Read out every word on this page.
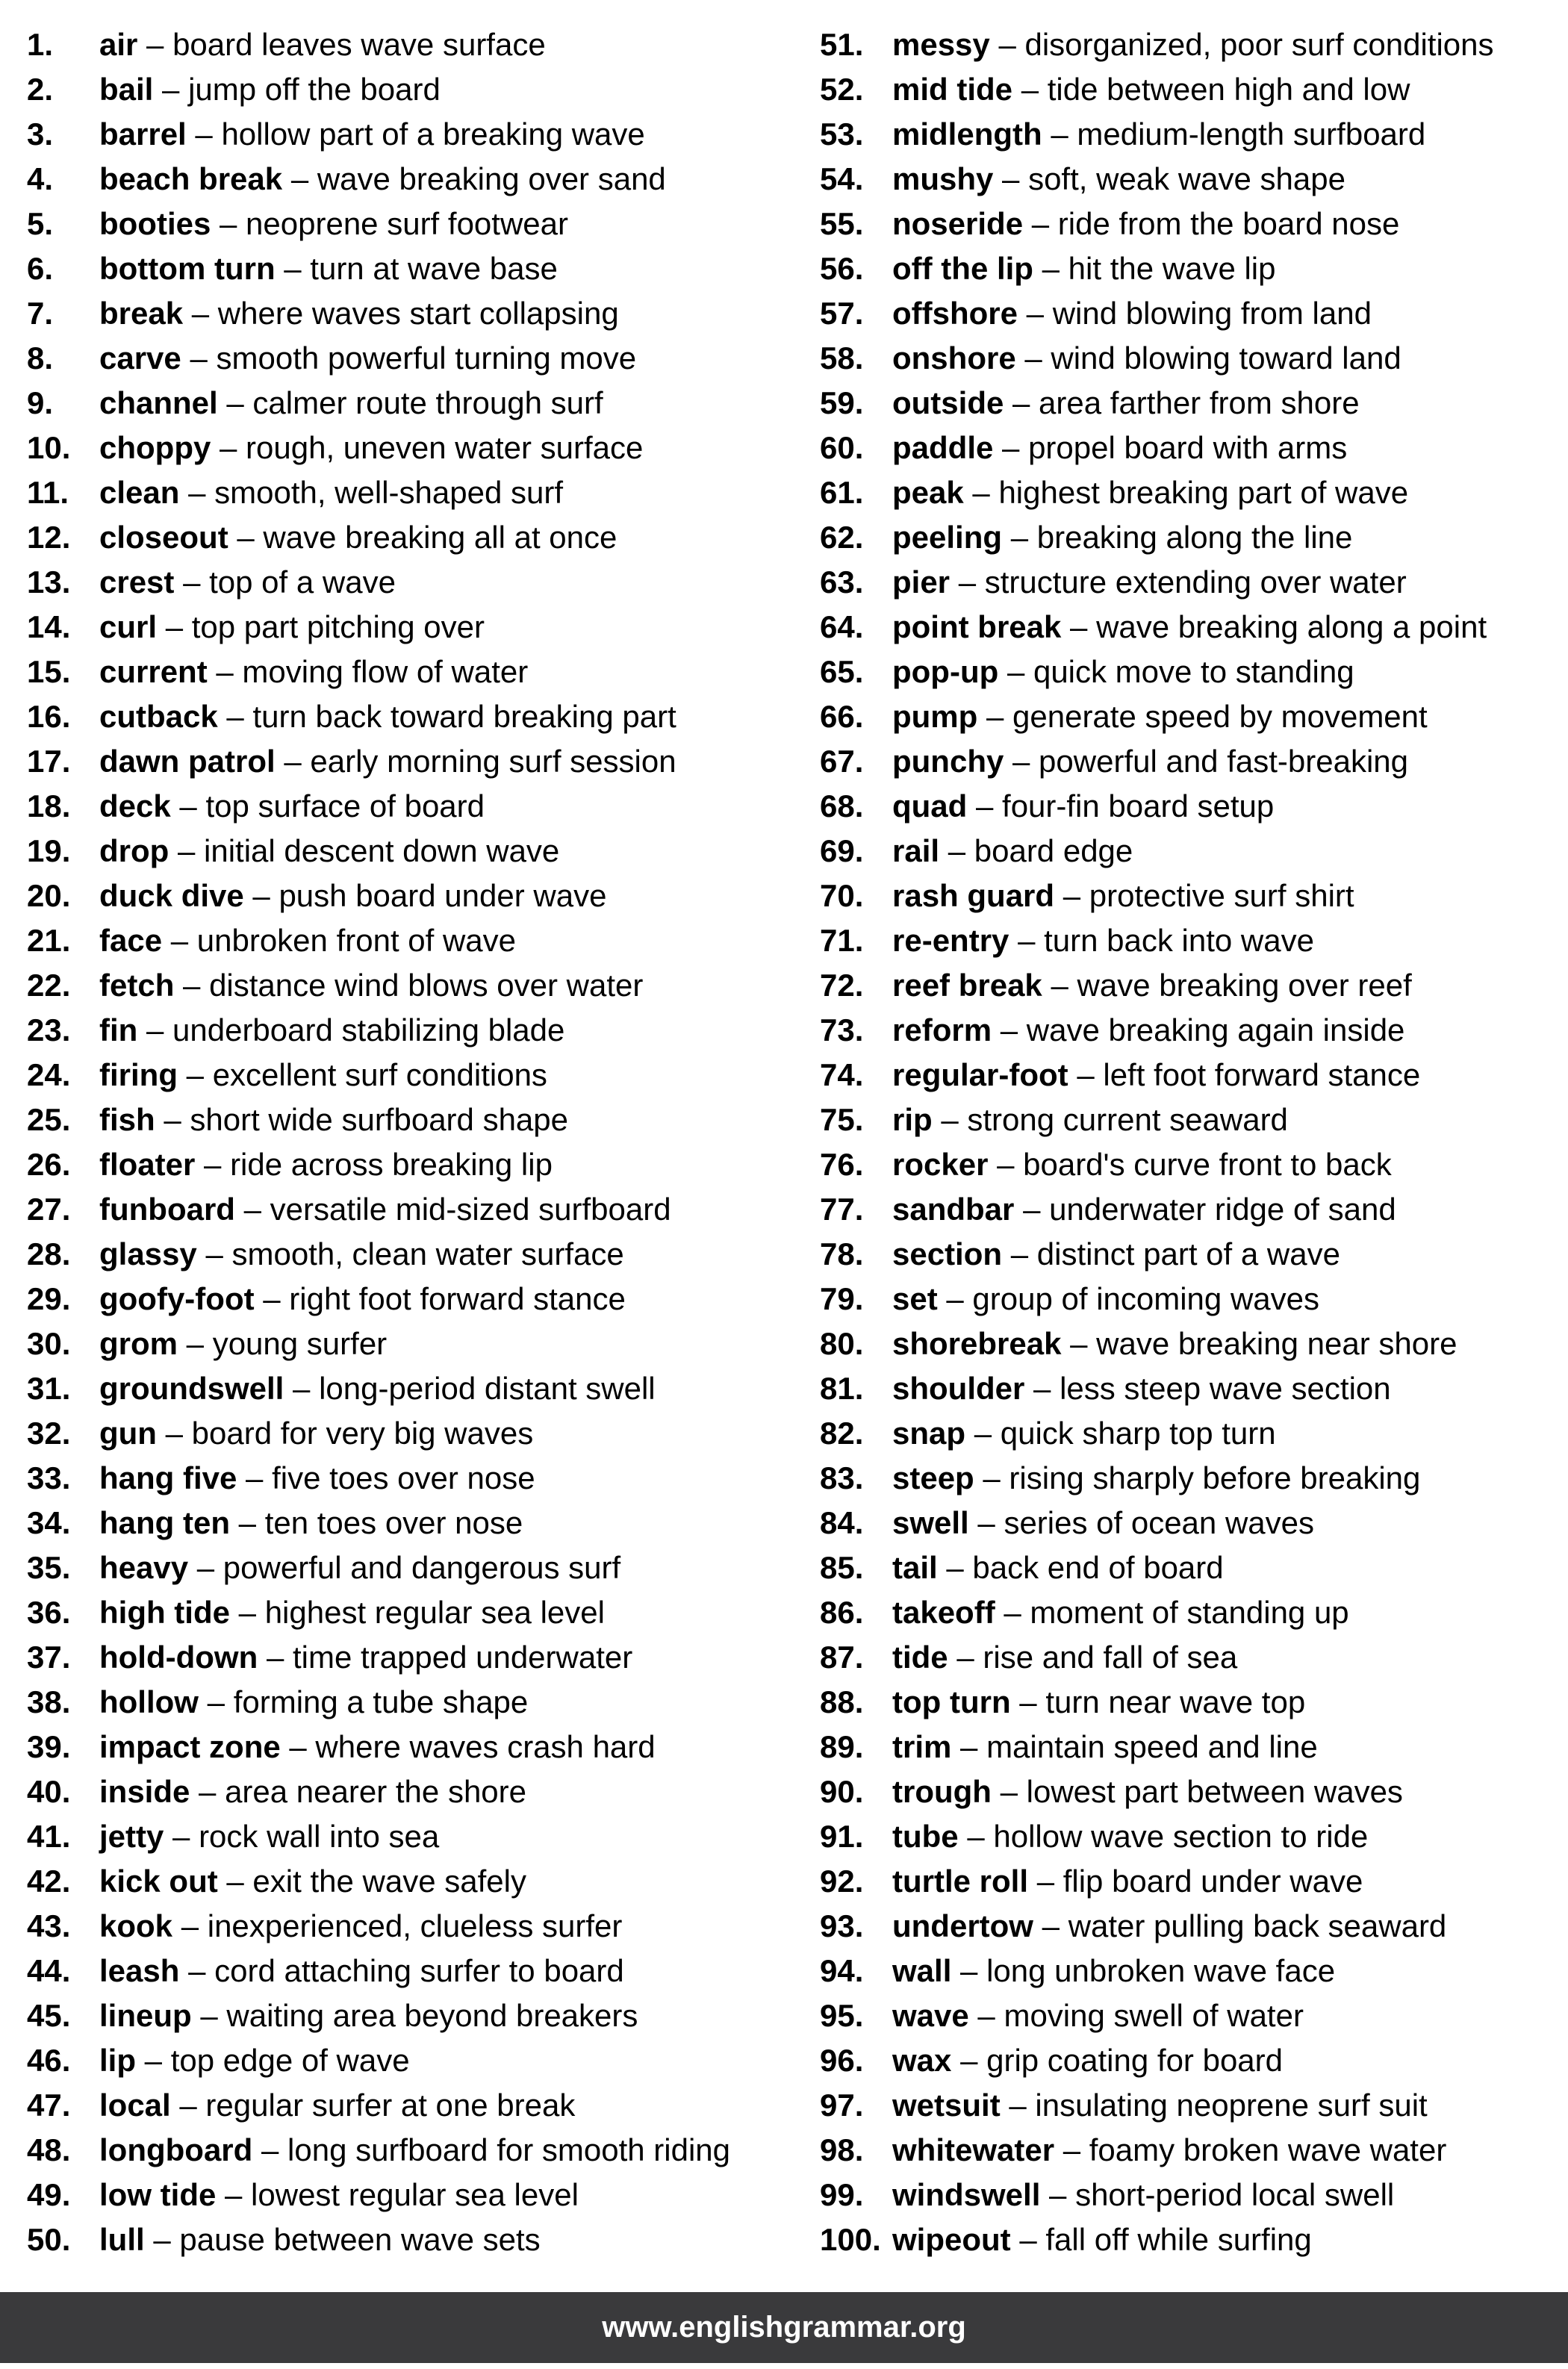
1. air – board leaves wave surface
2. bail – jump off the board
3. barrel – hollow part of a breaking wave
4. beach break – wave breaking over sand
5. booties – neoprene surf footwear
6. bottom turn – turn at wave base
7. break – where waves start collapsing
8. carve – smooth powerful turning move
9. channel – calmer route through surf
10. choppy – rough, uneven water surface
11. clean – smooth, well-shaped surf
12. closeout – wave breaking all at once
13. crest – top of a wave
14. curl – top part pitching over
15. current – moving flow of water
16. cutback – turn back toward breaking part
17. dawn patrol – early morning surf session
18. deck – top surface of board
19. drop – initial descent down wave
20. duck dive – push board under wave
21. face – unbroken front of wave
22. fetch – distance wind blows over water
23. fin – underboard stabilizing blade
24. firing – excellent surf conditions
25. fish – short wide surfboard shape
26. floater – ride across breaking lip
27. funboard – versatile mid-sized surfboard
28. glassy – smooth, clean water surface
29. goofy-foot – right foot forward stance
30. grom – young surfer
31. groundswell – long-period distant swell
32. gun – board for very big waves
33. hang five – five toes over nose
34. hang ten – ten toes over nose
35. heavy – powerful and dangerous surf
36. high tide – highest regular sea level
37. hold-down – time trapped underwater
38. hollow – forming a tube shape
39. impact zone – where waves crash hard
40. inside – area nearer the shore
41. jetty – rock wall into sea
42. kick out – exit the wave safely
43. kook – inexperienced, clueless surfer
44. leash – cord attaching surfer to board
45. lineup – waiting area beyond breakers
46. lip – top edge of wave
47. local – regular surfer at one break
48. longboard – long surfboard for smooth riding
49. low tide – lowest regular sea level
50. lull – pause between wave sets
51. messy – disorganized, poor surf conditions
52. mid tide – tide between high and low
53. midlength – medium-length surfboard
54. mushy – soft, weak wave shape
55. noseride – ride from the board nose
56. off the lip – hit the wave lip
57. offshore – wind blowing from land
58. onshore – wind blowing toward land
59. outside – area farther from shore
60. paddle – propel board with arms
61. peak – highest breaking part of wave
62. peeling – breaking along the line
63. pier – structure extending over water
64. point break – wave breaking along a point
65. pop-up – quick move to standing
66. pump – generate speed by movement
67. punchy – powerful and fast-breaking
68. quad – four-fin board setup
69. rail – board edge
70. rash guard – protective surf shirt
71. re-entry – turn back into wave
72. reef break – wave breaking over reef
73. reform – wave breaking again inside
74. regular-foot – left foot forward stance
75. rip – strong current seaward
76. rocker – board's curve front to back
77. sandbar – underwater ridge of sand
78. section – distinct part of a wave
79. set – group of incoming waves
80. shorebreak – wave breaking near shore
81. shoulder – less steep wave section
82. snap – quick sharp top turn
83. steep – rising sharply before breaking
84. swell – series of ocean waves
85. tail – back end of board
86. takeoff – moment of standing up
87. tide – rise and fall of sea
88. top turn – turn near wave top
89. trim – maintain speed and line
90. trough – lowest part between waves
91. tube – hollow wave section to ride
92. turtle roll – flip board under wave
93. undertow – water pulling back seaward
94. wall – long unbroken wave face
95. wave – moving swell of water
96. wax – grip coating for board
97. wetsuit – insulating neoprene surf suit
98. whitewater – foamy broken wave water
99. windswell – short-period local swell
100. wipeout – fall off while surfing
www.englishgrammar.org
